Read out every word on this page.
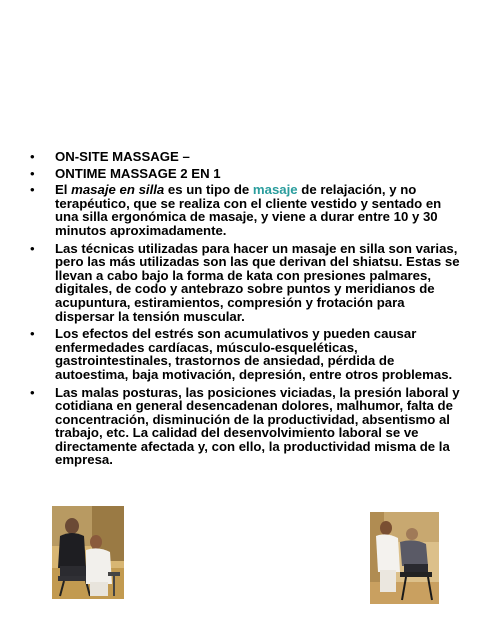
• ON-SITE MASSAGE –
• ONTIME MASSAGE 2 EN 1
• El masaje en silla es un tipo de masaje de relajación, y no terapéutico, que se realiza con el cliente vestido y sentado en una silla ergonómica de masaje, y viene a durar entre 10 y 30 minutos aproximadamente.
• Las técnicas utilizadas para hacer un masaje en silla son varias, pero las más utilizadas son las que derivan del shiatsu. Estas se llevan a cabo bajo la forma de kata con presiones palmares, digitales, de codo y antebrazo sobre puntos y meridianos de acupuntura, estiramientos, compresión y frotación para dispersar la tensión muscular.
• Los efectos del estrés son acumulativos y pueden causar enfermedades cardíacas, músculo-esqueléticas, gastrointestinales, trastornos de ansiedad, pérdida de autoestima, baja motivación, depresión, entre otros problemas.
• Las malas posturas, las posiciones viciadas, la presión laboral y cotidiana en general desencadenan dolores, malhumor, falta de concentración, disminución de la productividad, absentismo al trabajo, etc. La calidad del desenvolvimiento laboral se ve directamente afectada y, con ello, la productividad misma de la empresa.
